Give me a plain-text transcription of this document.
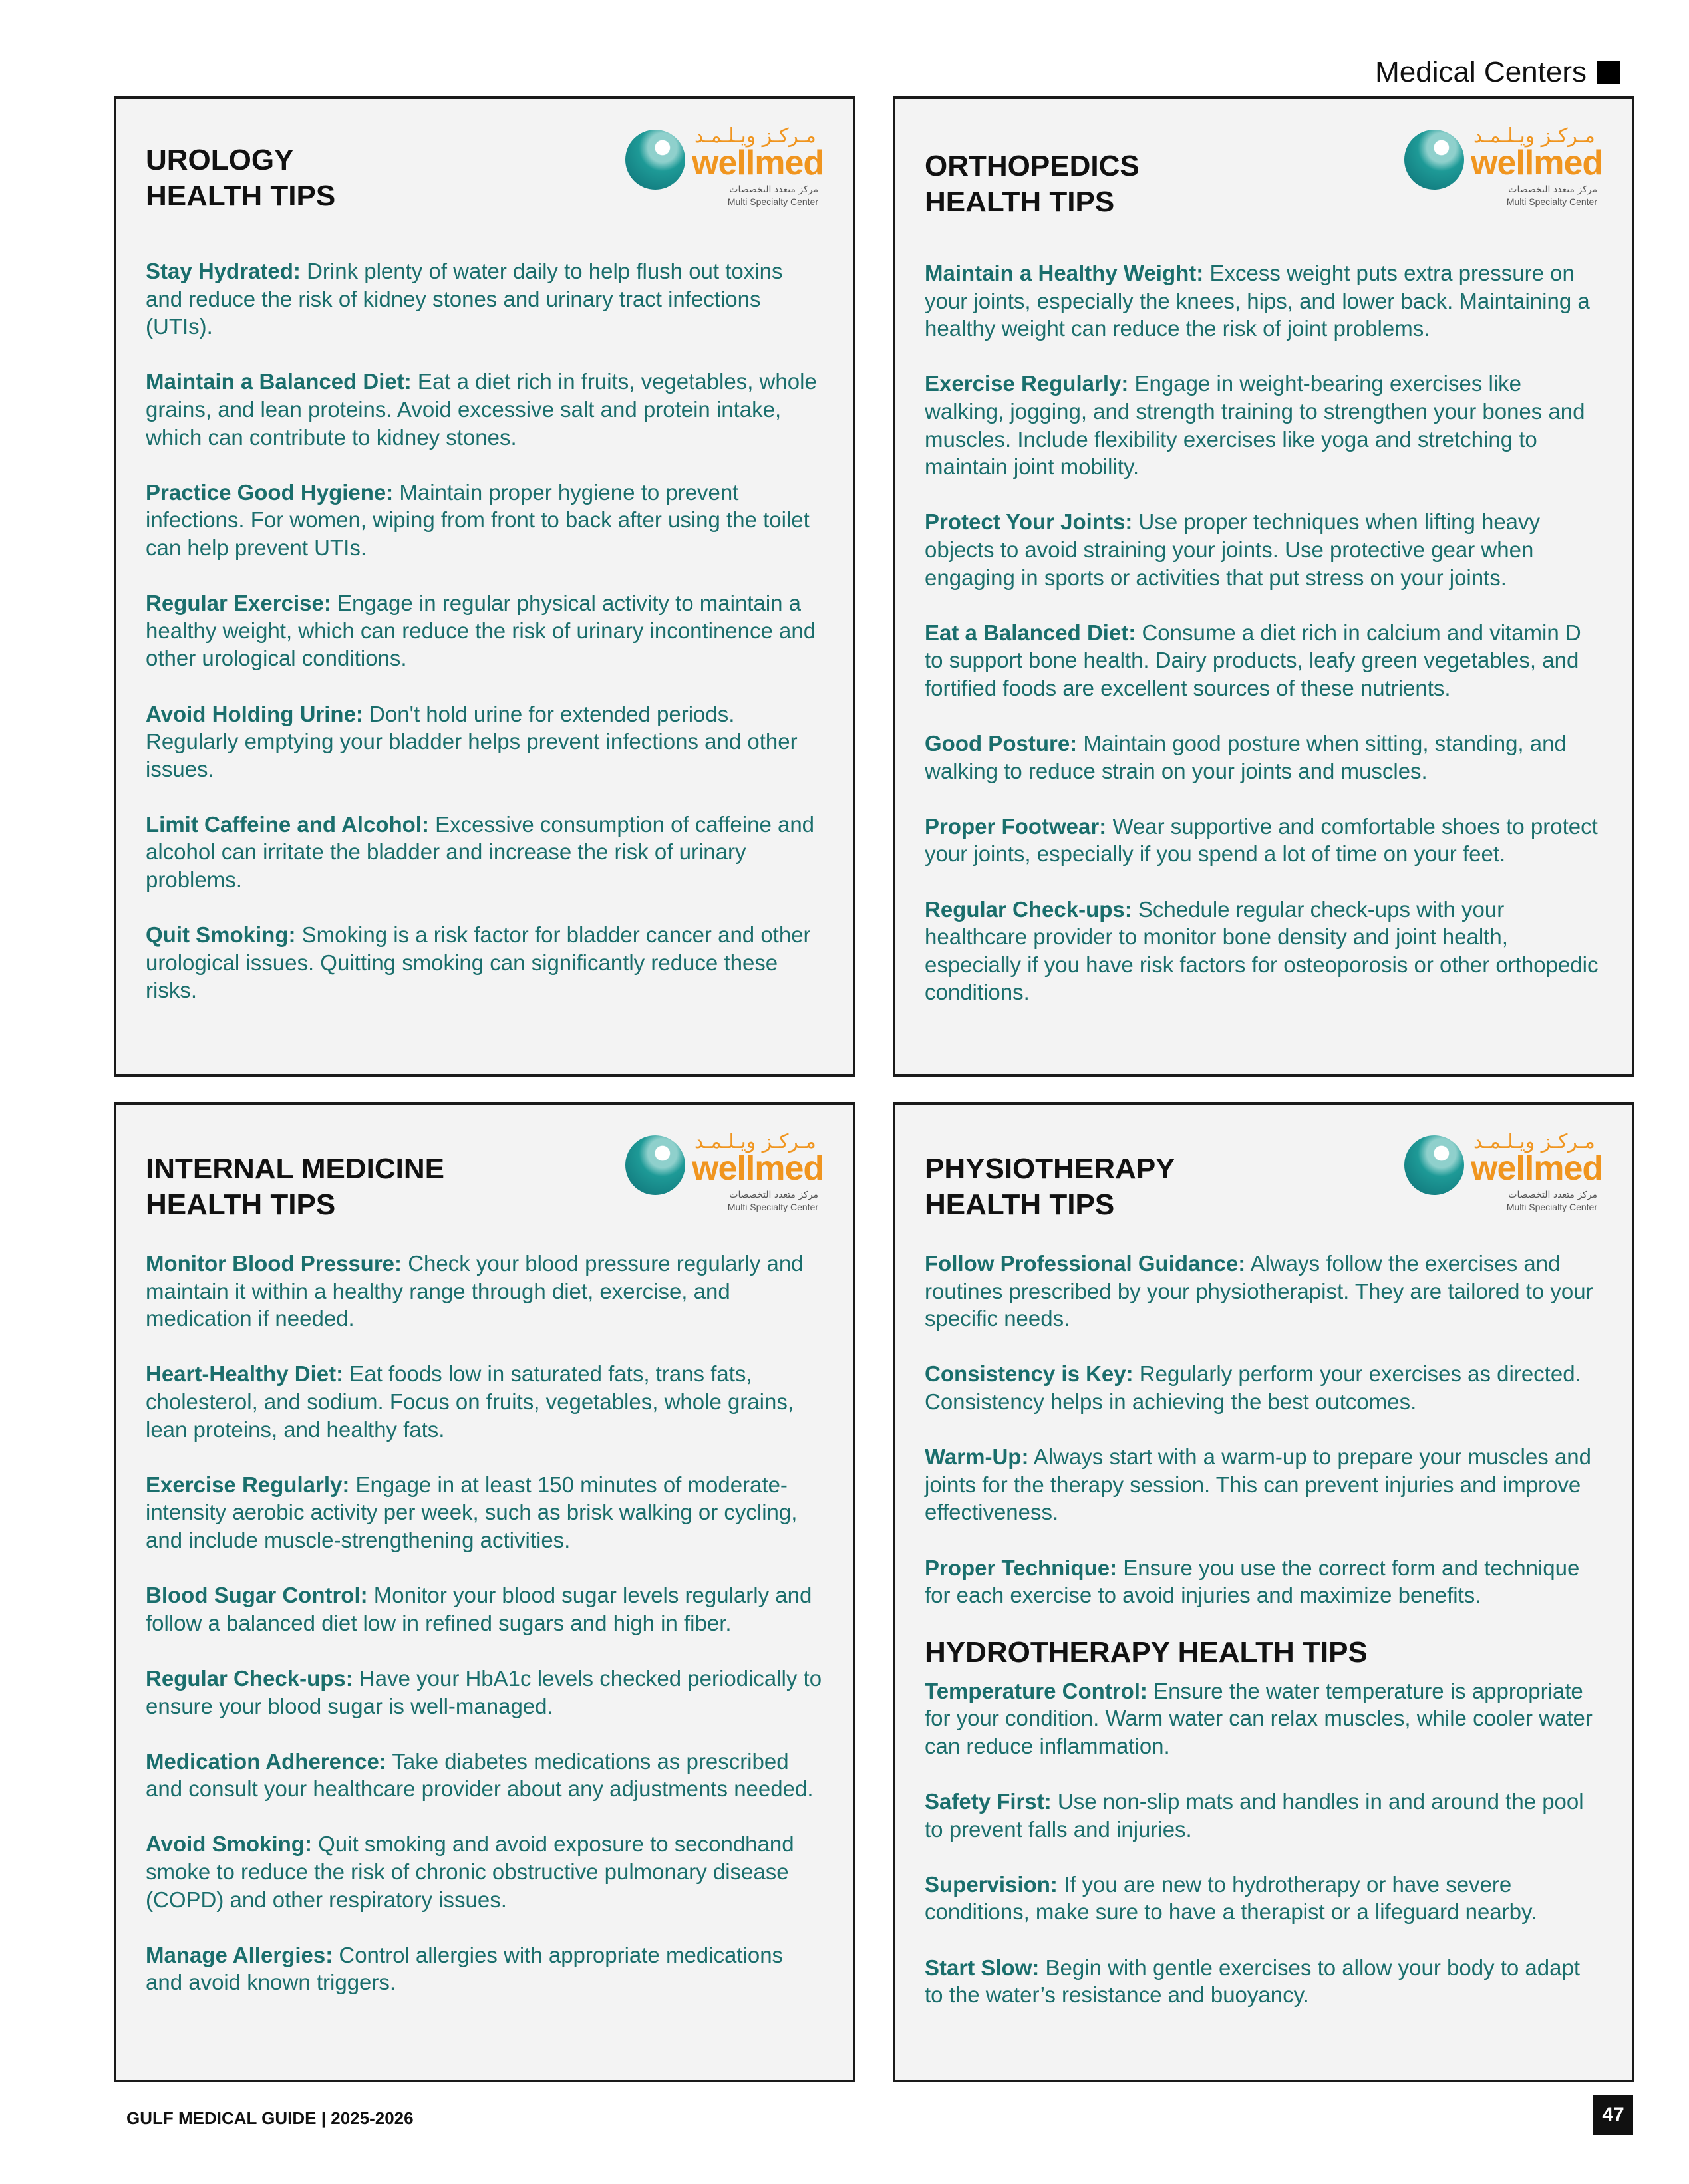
Medical Centers
UROLOGY
HEALTH TIPS
مـركـز ويـلـمـد
wellmed
مركز متعدد التخصصات
Multi Specialty Center

Stay Hydrated: Drink plenty of water daily to help flush out toxins and reduce the risk of kidney stones and urinary tract infections (UTIs).

Maintain a Balanced Diet: Eat a diet rich in fruits, vegetables, whole grains, and lean proteins. Avoid excessive salt and protein intake, which can contribute to kidney stones.

Practice Good Hygiene: Maintain proper hygiene to prevent infections. For women, wiping from front to back after using the toilet can help prevent UTIs.

Regular Exercise: Engage in regular physical activity to maintain a healthy weight, which can reduce the risk of urinary incontinence and other urological conditions.

Avoid Holding Urine: Don't hold urine for extended periods. Regularly emptying your bladder helps prevent infections and other issues.

Limit Caffeine and Alcohol: Excessive consumption of caffeine and alcohol can irritate the bladder and increase the risk of urinary problems.

Quit Smoking: Smoking is a risk factor for bladder cancer and other urological issues. Quitting smoking can significantly reduce these risks.

ORTHOPEDICS
HEALTH TIPS
مـركـز ويـلـمـد
wellmed
مركز متعدد التخصصات
Multi Specialty Center

Maintain a Healthy Weight: Excess weight puts extra pressure on your joints, especially the knees, hips, and lower back. Maintaining a healthy weight can reduce the risk of joint problems.

Exercise Regularly: Engage in weight-bearing exercises like walking, jogging, and strength training to strengthen your bones and muscles. Include flexibility exercises like yoga and stretching to maintain joint mobility.

Protect Your Joints: Use proper techniques when lifting heavy objects to avoid straining your joints. Use protective gear when engaging in sports or activities that put stress on your joints.

Eat a Balanced Diet: Consume a diet rich in calcium and vitamin D to support bone health. Dairy products, leafy green vegetables, and fortified foods are excellent sources of these nutrients.

Good Posture: Maintain good posture when sitting, standing, and walking to reduce strain on your joints and muscles.

Proper Footwear: Wear supportive and comfortable shoes to protect your joints, especially if you spend a lot of time on your feet.

Regular Check-ups: Schedule regular check-ups with your healthcare provider to monitor bone density and joint health, especially if you have risk factors for osteoporosis or other orthopedic conditions.

INTERNAL MEDICINE
HEALTH TIPS
مـركـز ويـلـمـد
wellmed
مركز متعدد التخصصات
Multi Specialty Center

Monitor Blood Pressure: Check your blood pressure regularly and maintain it within a healthy range through diet, exercise, and medication if needed.

Heart-Healthy Diet: Eat foods low in saturated fats, trans fats, cholesterol, and sodium. Focus on fruits, vegetables, whole grains, lean proteins, and healthy fats.

Exercise Regularly: Engage in at least 150 minutes of moderate-intensity aerobic activity per week, such as brisk walking or cycling, and include muscle-strengthening activities.

Blood Sugar Control: Monitor your blood sugar levels regularly and follow a balanced diet low in refined sugars and high in fiber.

Regular Check-ups: Have your HbA1c levels checked periodically to ensure your blood sugar is well-managed.

Medication Adherence: Take diabetes medications as prescribed and consult your healthcare provider about any adjustments needed.

Avoid Smoking: Quit smoking and avoid exposure to secondhand smoke to reduce the risk of chronic obstructive pulmonary disease (COPD) and other respiratory issues.

Manage Allergies: Control allergies with appropriate medications and avoid known triggers.

PHYSIOTHERAPY
HEALTH TIPS
مـركـز ويـلـمـد
wellmed
مركز متعدد التخصصات
Multi Specialty Center

Follow Professional Guidance: Always follow the exercises and routines prescribed by your physiotherapist. They are tailored to your specific needs.

Consistency is Key: Regularly perform your exercises as directed. Consistency helps in achieving the best outcomes.

Warm-Up: Always start with a warm-up to prepare your muscles and joints for the therapy session. This can prevent injuries and improve effectiveness.

Proper Technique: Ensure you use the correct form and technique for each exercise to avoid injuries and maximize benefits.

HYDROTHERAPY HEALTH TIPS

Temperature Control: Ensure the water temperature is appropriate for your condition. Warm water can relax muscles, while cooler water can reduce inflammation.

Safety First: Use non-slip mats and handles in and around the pool to prevent falls and injuries.

Supervision: If you are new to hydrotherapy or have severe conditions, make sure to have a therapist or a lifeguard nearby.

Start Slow: Begin with gentle exercises to allow your body to adapt to the water’s resistance and buoyancy.

GULF MEDICAL GUIDE | 2025-2026	47
